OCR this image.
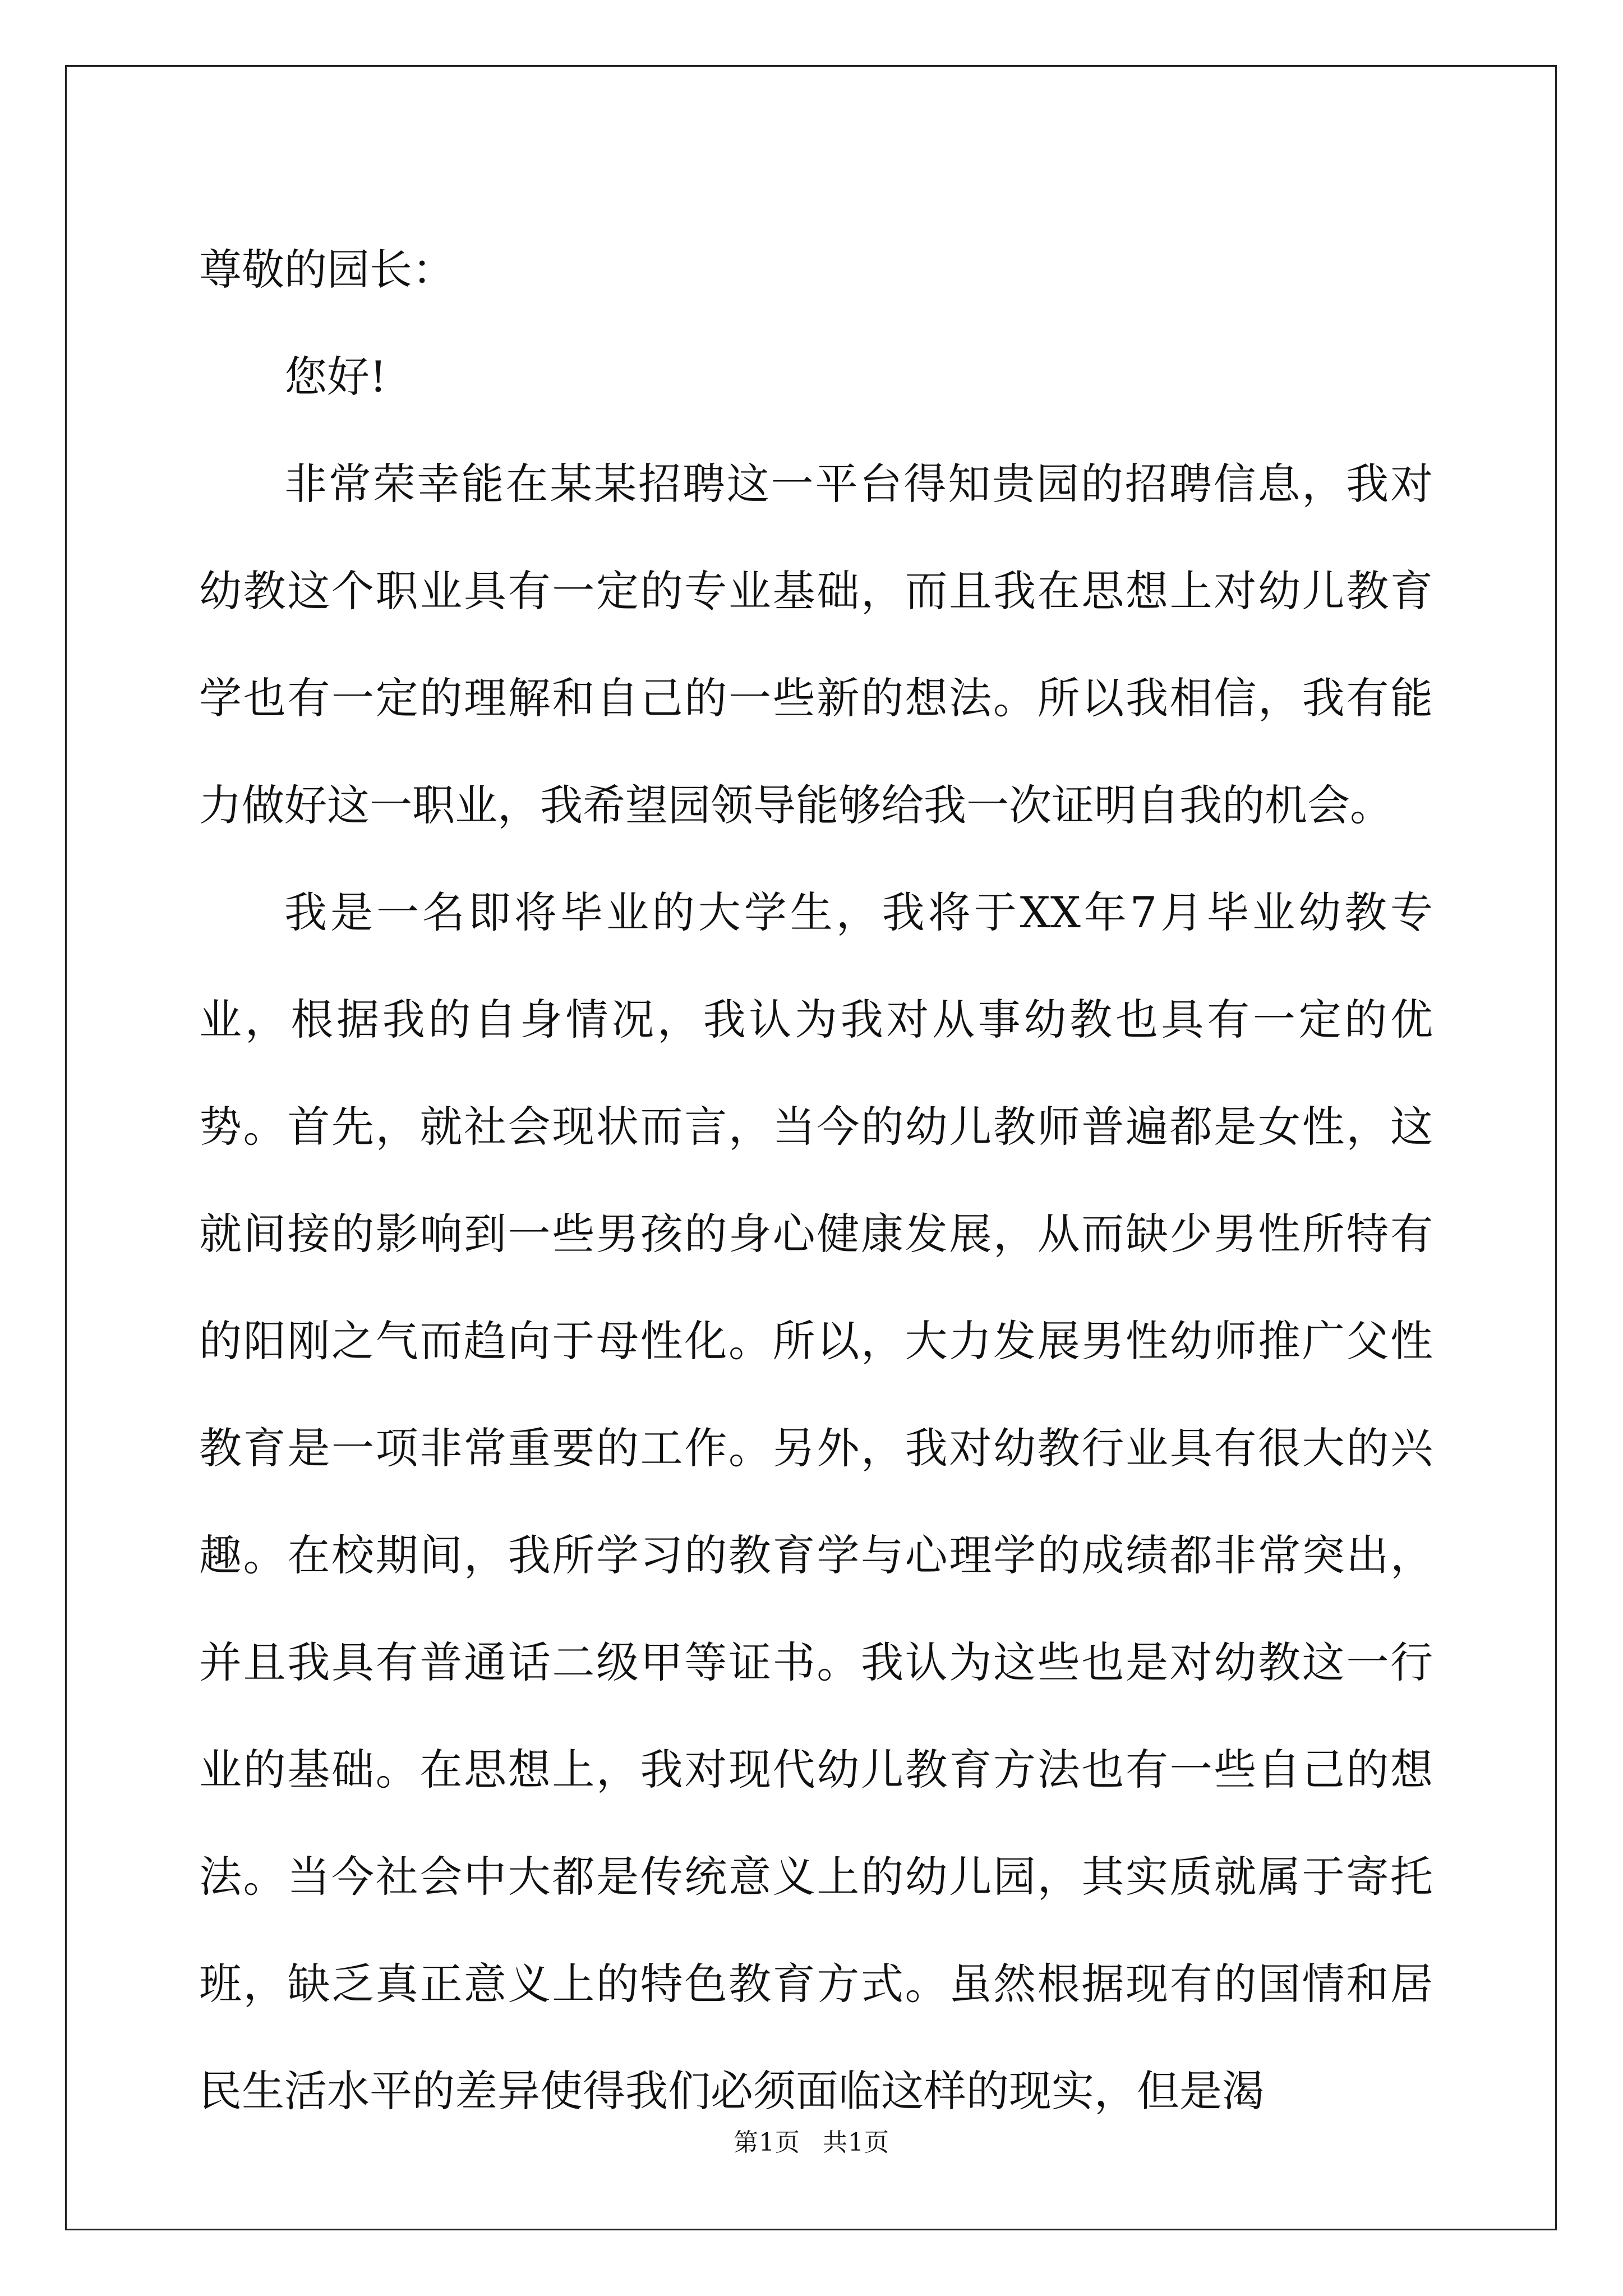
尊敬的园长：

您好!

非常荣幸能在某某招聘这一平台得知贵园的招聘信息，我对幼教这个职业具有一定的专业基础，而且我在思想上对幼儿教育学也有一定的理解和自己的一些新的想法。所以我相信，我有能力做好这一职业，我希望园领导能够给我一次证明自我的机会。

我是一名即将毕业的大学生，我将于XX年7月毕业幼教专业，根据我的自身情况，我认为我对从事幼教也具有一定的优势。首先，就社会现状而言，当今的幼儿教师普遍都是女性，这就间接的影响到一些男孩的身心健康发展，从而缺少男性所特有的阳刚之气而趋向于母性化。所以，大力发展男性幼师推广父性教育是一项非常重要的工作。另外，我对幼教行业具有很大的兴趣。在校期间，我所学习的教育学与心理学的成绩都非常突出，并且我具有普通话二级甲等证书。我认为这些也是对幼教这一行业的基础。在思想上，我对现代幼儿教育方法也有一些自己的想法。当今社会中大都是传统意义上的幼儿园，其实质就属于寄托班，缺乏真正意义上的特色教育方式。虽然根据现有的国情和居民生活水平的差异使得我们必须面临这样的现实，但是渴

第1页 共1页
